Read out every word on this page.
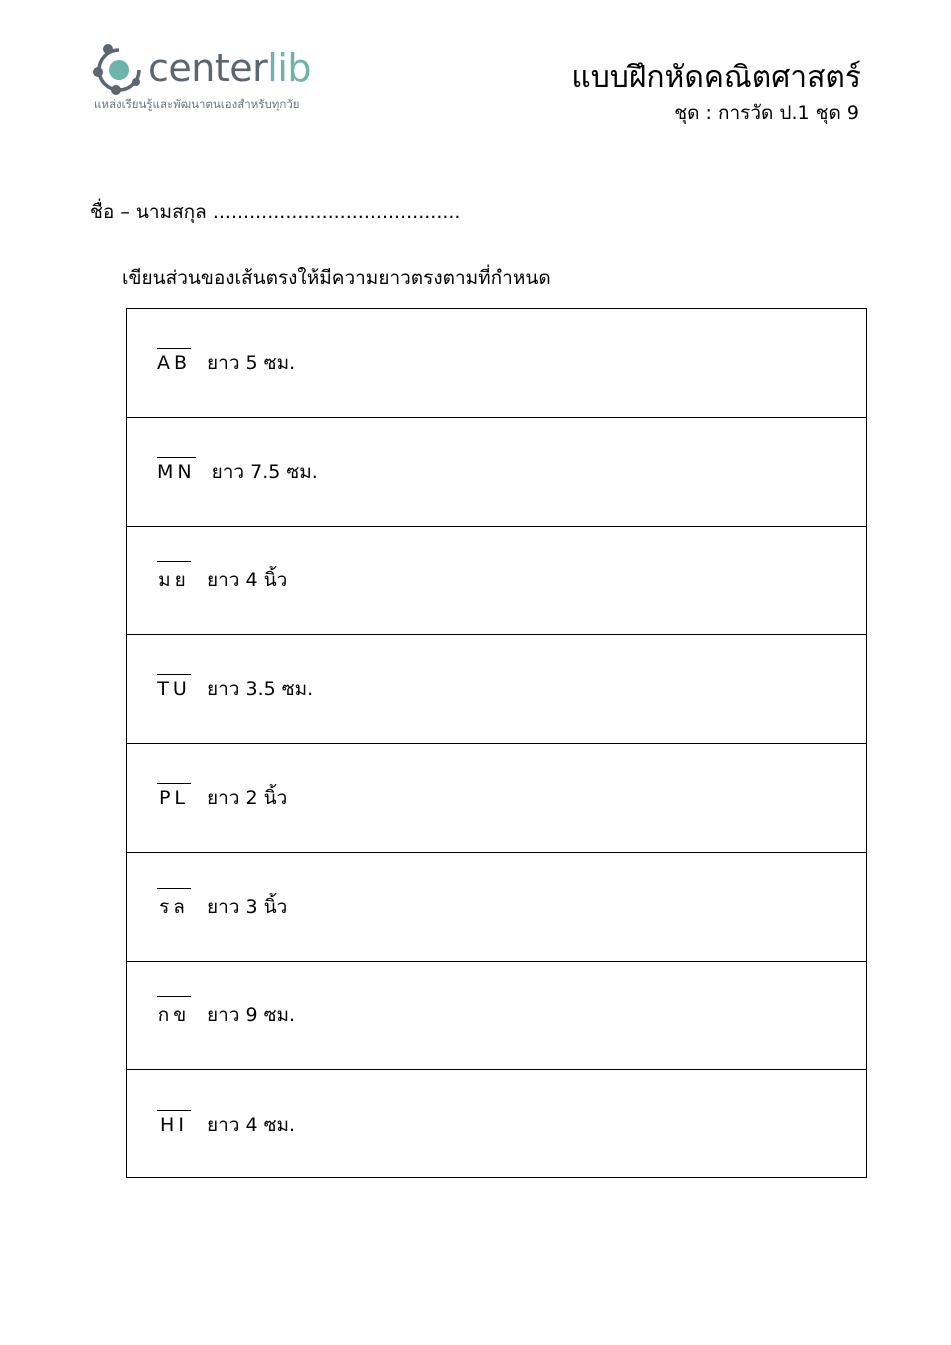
centerlib
แหล่งเรียนรู้และพัฒนาตนเองสำหรับทุกวัย
แบบฝึกหัดคณิตศาสตร์
ชุด : การวัด ป.1 ชุด 9
ชื่อ – นามสกุล .........................................
เขียนส่วนของเส้นตรงให้มีความยาวตรงตามที่กำหนด
AB ยาว 5 ซม.
MN ยาว 7.5 ซม.
มย ยาว 4 นิ้ว
TU ยาว 3.5 ซม.
PL ยาว 2 นิ้ว
รล ยาว 3 นิ้ว
กข ยาว 9 ซม.
HI ยาว 4 ซม.
